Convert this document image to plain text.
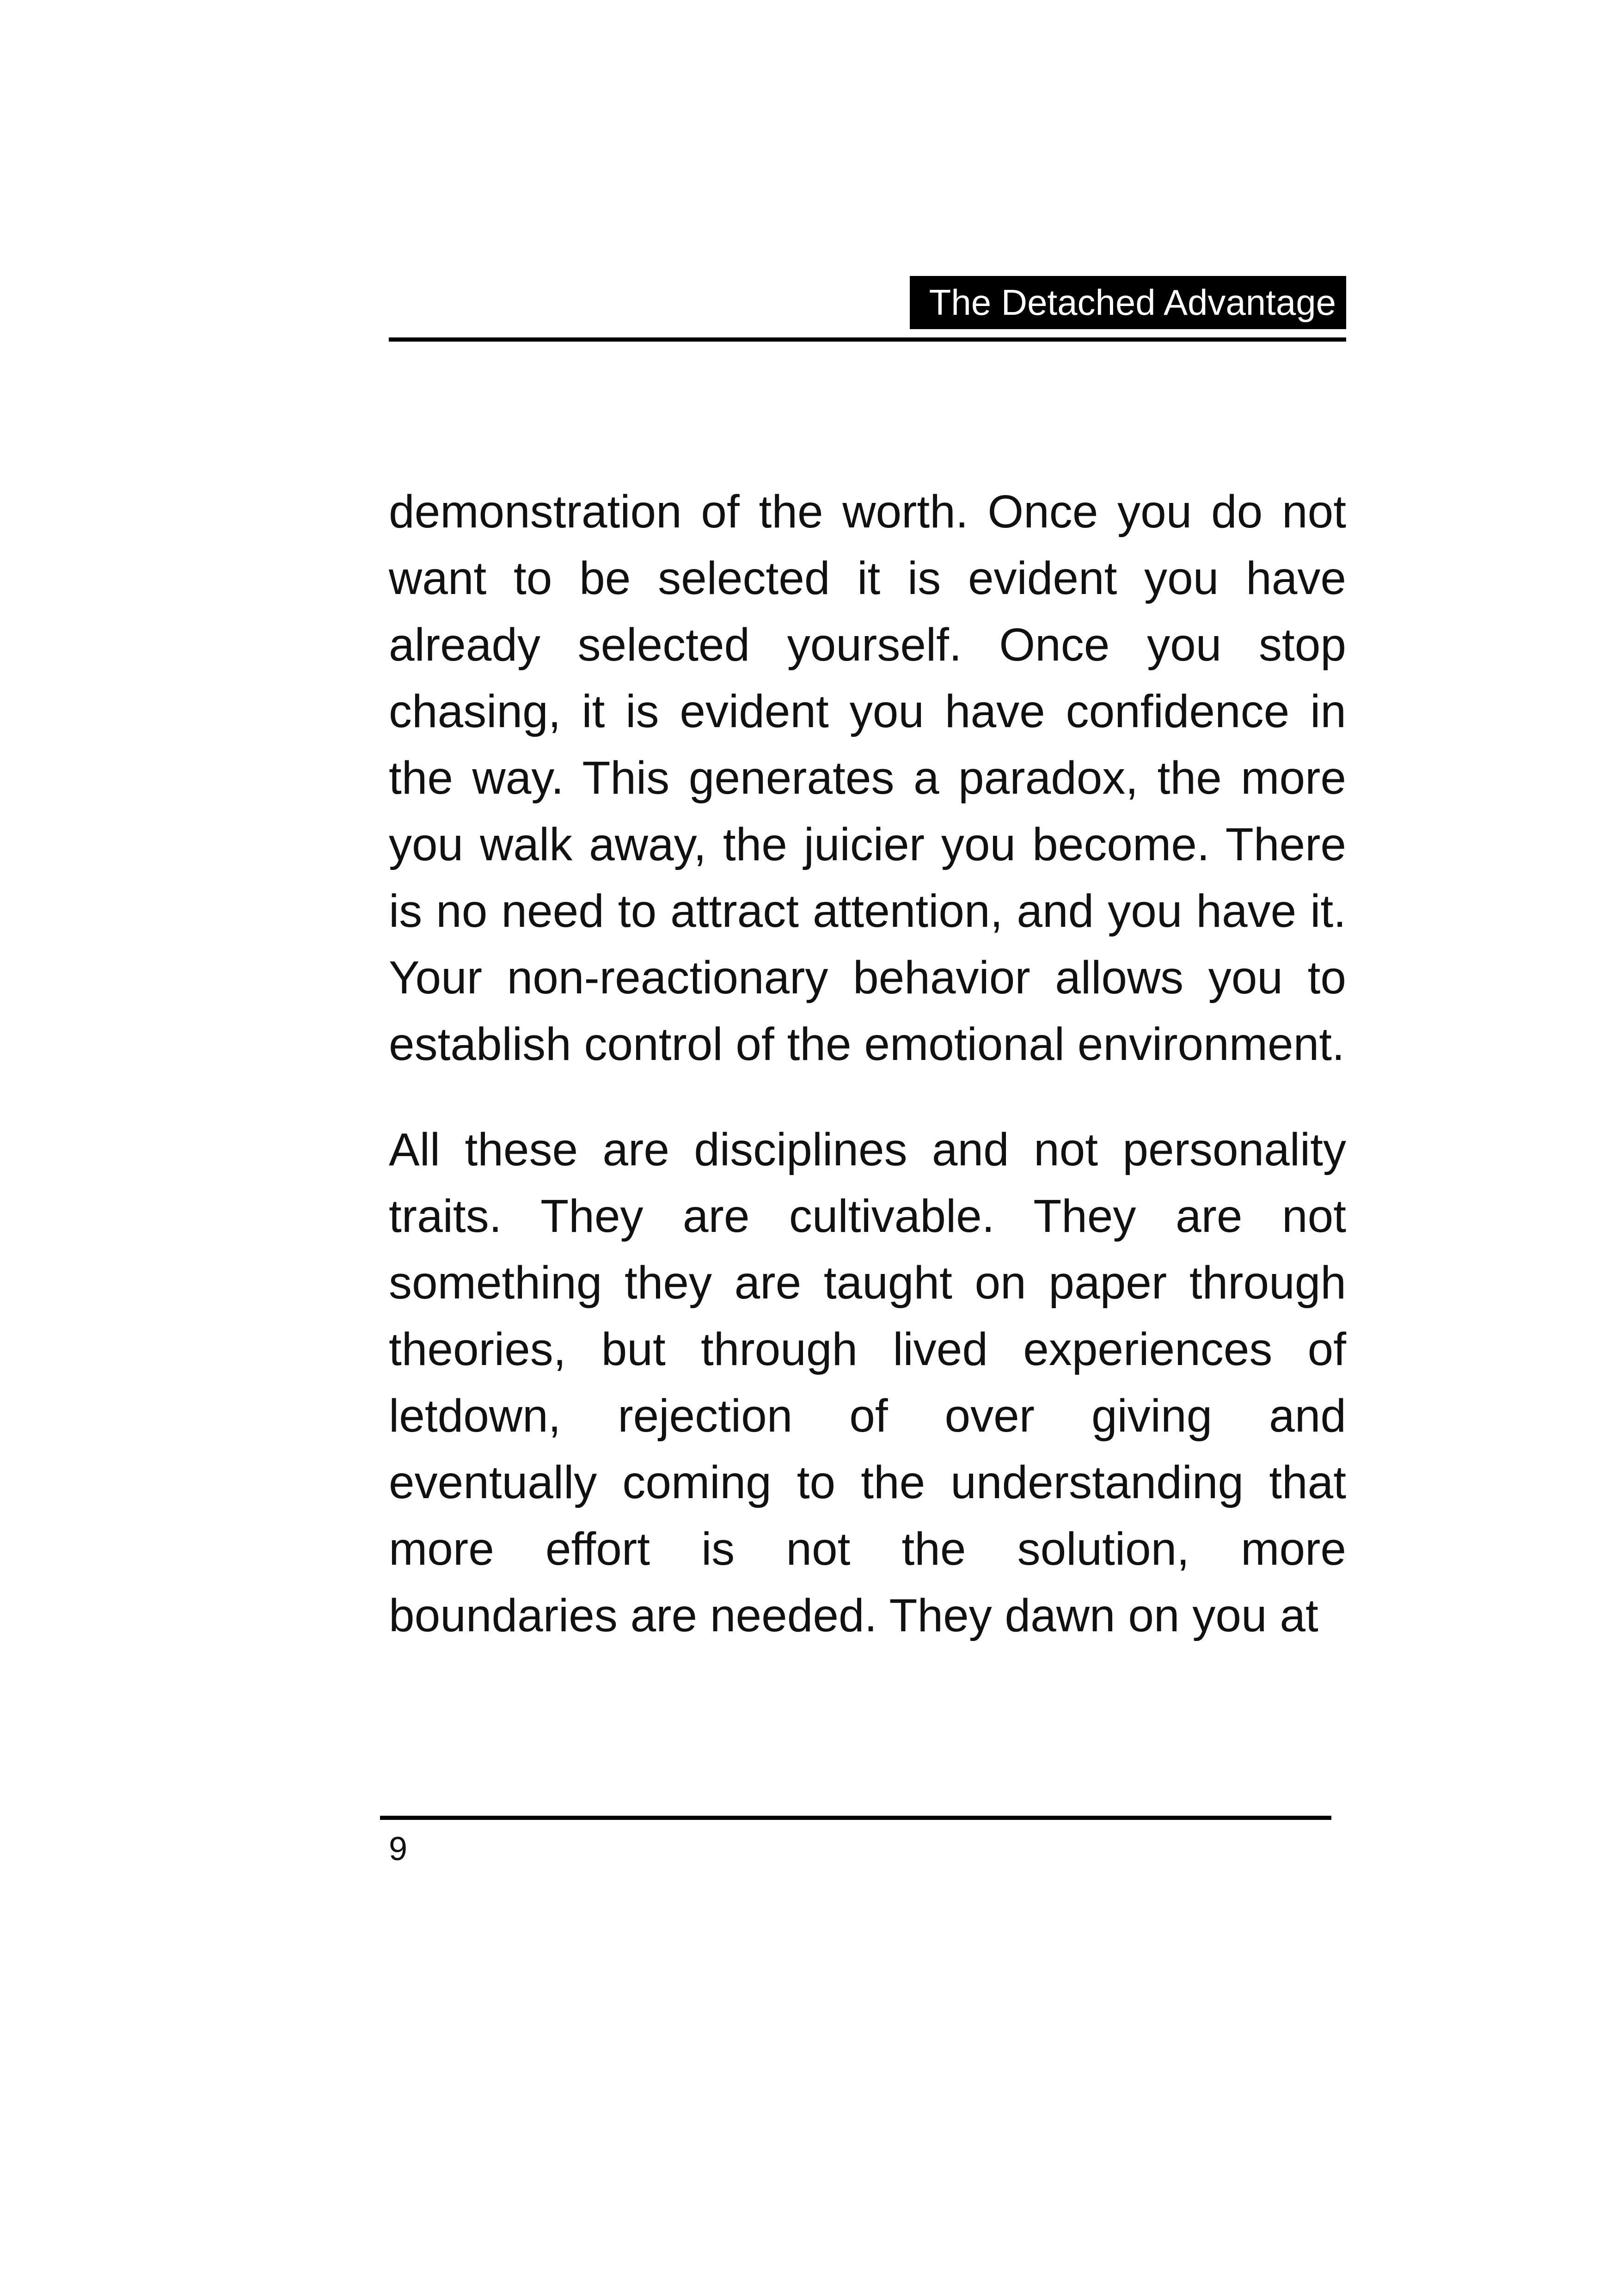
The Detached Advantage

demonstration of the worth. Once you do not want to be selected it is evident you have already selected yourself. Once you stop chasing, it is evident you have confidence in the way. This generates a paradox, the more you walk away, the juicier you become. There is no need to attract attention, and you have it. Your non-reactionary behavior allows you to establish control of the emotional environment.

All these are disciplines and not personality traits. They are cultivable. They are not something they are taught on paper through theories, but through lived experiences of letdown, rejection of over giving and eventually coming to the understanding that more effort is not the solution, more boundaries are needed. They dawn on you at

9
